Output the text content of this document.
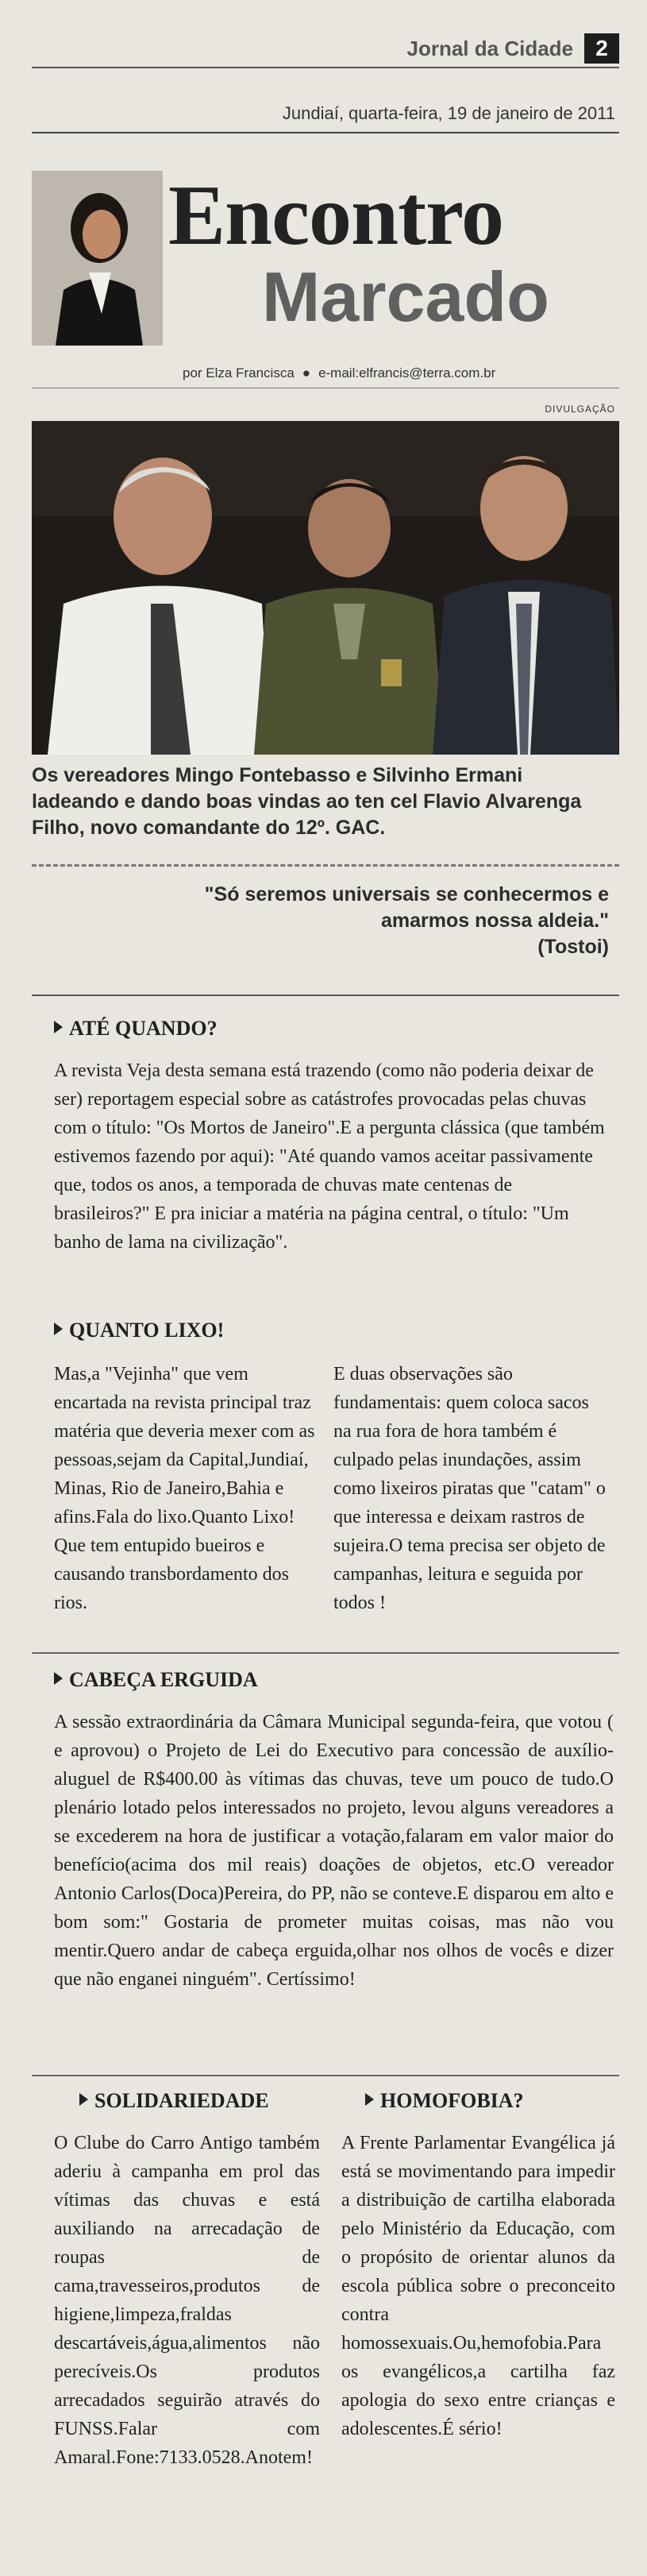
Jornal da Cidade	2
Jundiaí, quarta-feira, 19 de janeiro de 2011
Encontro
Marcado
por Elza Francisca ● e-mail:elfrancis@terra.com.br
DIVULGAÇÃO
Os vereadores Mingo Fontebasso e Silvinho Ermani ladeando e dando boas vindas ao ten cel Flavio Alvarenga Filho, novo comandante do 12º. GAC.
"Só seremos universais se conhecermos e amarmos nossa aldeia."
(Tostoi)
ATÉ QUANDO?

A revista Veja desta semana está trazendo (como não poderia deixar de ser) reportagem especial sobre as catástrofes provocadas pelas chuvas com o título: "Os Mortos de Janeiro".E a pergunta clássica (que também estivemos fazendo por aqui): "Até quando vamos aceitar passivamente que, todos os anos, a temporada de chuvas mate centenas de brasileiros?" E pra iniciar a matéria na página central, o título: "Um banho de lama na civilização".

QUANTO LIXO!

Mas,a "Vejinha" que vem encartada na revista principal traz matéria que deveria mexer com as pessoas,sejam da Capital,Jundiaí, Minas, Rio de Janeiro,Bahia e afins.Fala do lixo.Quanto Lixo! Que tem entupido bueiros e causando transbordamento dos rios.

E duas observações são fundamentais: quem coloca sacos na rua fora de hora também é culpado pelas inundações, assim como lixeiros piratas que "catam" o que interessa e deixam rastros de sujeira.O tema precisa ser objeto de campanhas, leitura e seguida por todos !

CABEÇA ERGUIDA

A sessão extraordinária da Câmara Municipal segunda-feira, que votou ( e aprovou) o Projeto de Lei do Executivo para concessão de auxílio-aluguel de R$400.00 às vítimas das chuvas, teve um pouco de tudo.O plenário lotado pelos interessados no projeto, levou alguns vereadores a se excederem na hora de justificar a votação,falaram em valor maior do benefício(acima dos mil reais) doações de objetos, etc.O vereador Antonio Carlos(Doca)Pereira, do PP, não se conteve.E disparou em alto e bom som:" Gostaria de prometer muitas coisas, mas não vou mentir.Quero andar de cabeça erguida,olhar nos olhos de vocês e dizer que não enganei ninguém". Certíssimo!

SOLIDARIEDADE

O Clube do Carro Antigo também aderiu à campanha em prol das vítimas das chuvas e está auxiliando na arrecadação de roupas de cama,travesseiros,produtos de higiene,limpeza,fraldas descartáveis,água,alimentos não perecíveis.Os produtos arrecadados seguirão através do FUNSS.Falar com Amaral.Fone:7133.0528.Anotem!

HOMOFOBIA?

A Frente Parlamentar Evangélica já está se movimentando para impedir a distribuição de cartilha elaborada pelo Ministério da Educação, com o propósito de orientar alunos da escola pública sobre o preconceito contra homossexuais.Ou,hemofobia.Para os evangélicos,a cartilha faz apologia do sexo entre crianças e adolescentes.É sério!
